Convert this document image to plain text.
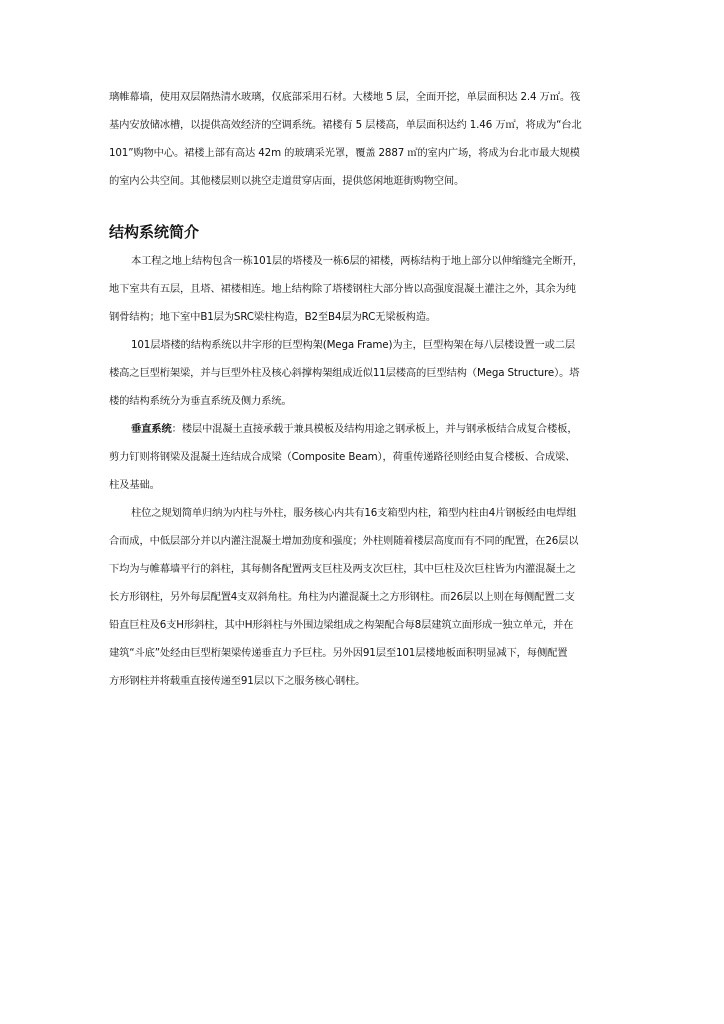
璃帷幕墙，使用双层隔热清水玻璃，仅底部采用石材。大楼地 5 层，全面开挖，单层面积达 2.4 万㎡。筏
基内安放储冰槽，以提供高效经济的空调系统。裙楼有 5 层楼高，单层面积达约 1.46 万㎡，将成为“台北
101”购物中心。裙楼上部有高达 42m 的玻璃采光罩，覆盖 2887 ㎡的室内广场，将成为台北市最大规模
的室内公共空间。其他楼层则以挑空走道贯穿店面，提供悠闲地逛街购物空间。
结构系统简介
本工程之地上结构包含一栋101层的塔楼及一栋6层的裙楼，两栋结构于地上部分以伸缩缝完全断开，
地下室共有五层，且塔、裙楼相连。地上结构除了塔楼钢柱大部分皆以高强度混凝土灌注之外，其余为纯
钢骨结构；地下室中B1层为SRC梁柱构造，B2至B4层为RC无梁板构造。
101层塔楼的结构系统以井字形的巨型构架(Mega Frame)为主，巨型构架在每八层楼设置一或二层
楼高之巨型桁架梁，并与巨型外柱及核心斜撑构架组成近似11层楼高的巨型结构（Mega Structure）。塔
楼的结构系统分为垂直系统及侧力系统。
垂直系统：楼层中混凝土直接承载于兼具模板及结构用途之钢承板上，并与钢承板结合成复合楼板，
剪力钉则将钢梁及混凝土连结成合成梁（Composite Beam），荷重传递路径则经由复合楼板、合成梁、
柱及基础。
柱位之规划简单归纳为内柱与外柱，服务核心内共有16支箱型内柱，箱型内柱由4片钢板经由电焊组
合而成，中低层部分并以内灌注混凝土增加劲度和强度；外柱则随着楼层高度而有不同的配置，在26层以
下均为与帷幕墙平行的斜柱，其每侧各配置两支巨柱及两支次巨柱，其中巨柱及次巨柱皆为内灌混凝土之
长方形钢柱，另外每层配置4支双斜角柱。角柱为内灌混凝土之方形钢柱。而26层以上则在每侧配置二支
铅直巨柱及6支H形斜柱，其中H形斜柱与外围边梁组成之构架配合每8层建筑立面形成一独立单元，并在
建筑“斗底”处经由巨型桁架梁传递垂直力予巨柱。另外因91层至101层楼地板面积明显减下，每侧配置
方形钢柱并将载重直接传递至91层以下之服务核心钢柱。
